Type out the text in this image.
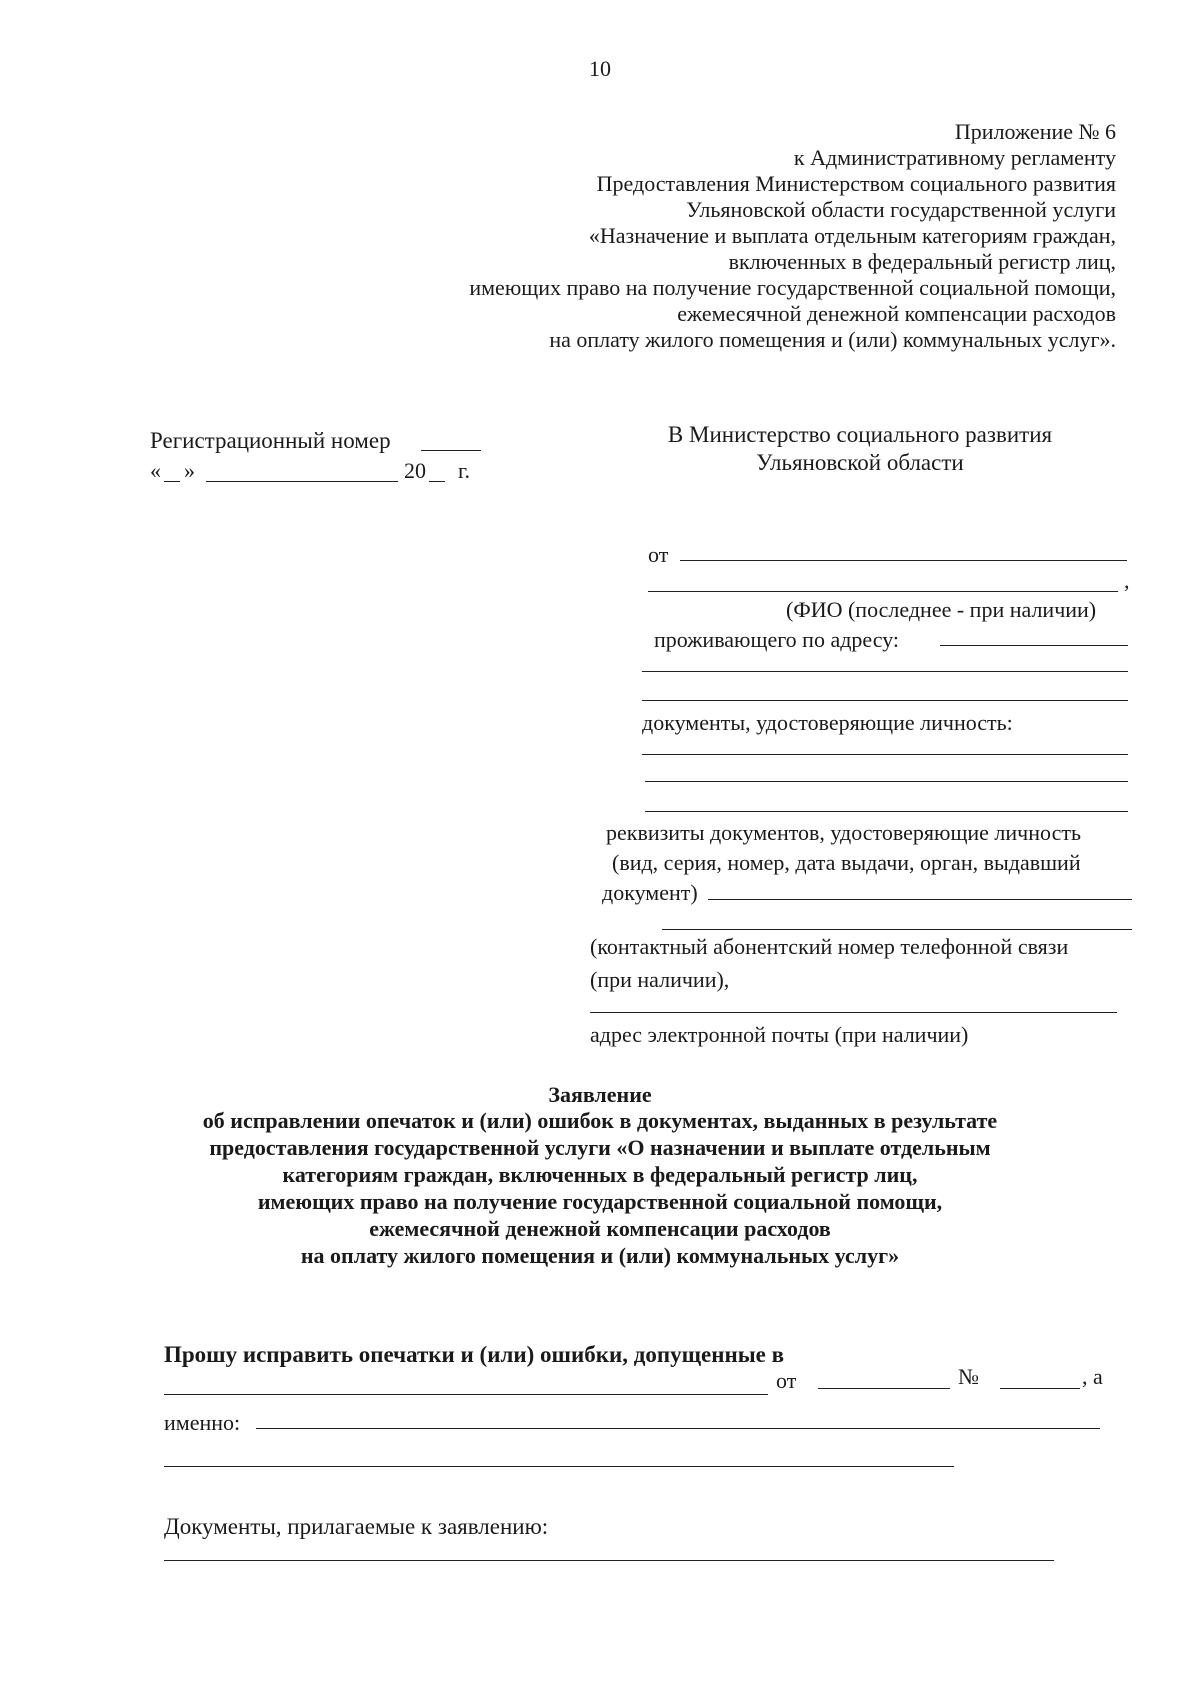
10
Приложение № 6
к Административному регламенту
Предоставления Министерством социального развития
Ульяновской области государственной услуги
«Назначение и выплата отдельным категориям граждан,
включенных в федеральный регистр лиц,
имеющих право на получение государственной социальной помощи,
ежемесячной денежной компенсации расходов
на оплату жилого помещения и (или) коммунальных услуг».
Регистрационный номер
« »	20 г.
В Министерство социального развития
Ульяновской области
от
,
(ФИО (последнее - при наличии)
проживающего по адресу:
документы, удостоверяющие личность:
реквизиты документов, удостоверяющие личность
(вид, серия, номер, дата выдачи, орган, выдавший
документ)
(контактный абонентский номер телефонной связи
(при наличии),
адрес электронной почты (при наличии)
Заявление
об исправлении опечаток и (или) ошибок в документах, выданных в результате
предоставления государственной услуги «О назначении и выплате отдельным
категориям граждан, включенных в федеральный регистр лиц,
имеющих право на получение государственной социальной помощи,
ежемесячной денежной компенсации расходов
на оплату жилого помещения и (или) коммунальных услуг»
Прошу исправить опечатки и (или) ошибки, допущенные в
от	№	, а
именно:
Документы, прилагаемые к заявлению:
